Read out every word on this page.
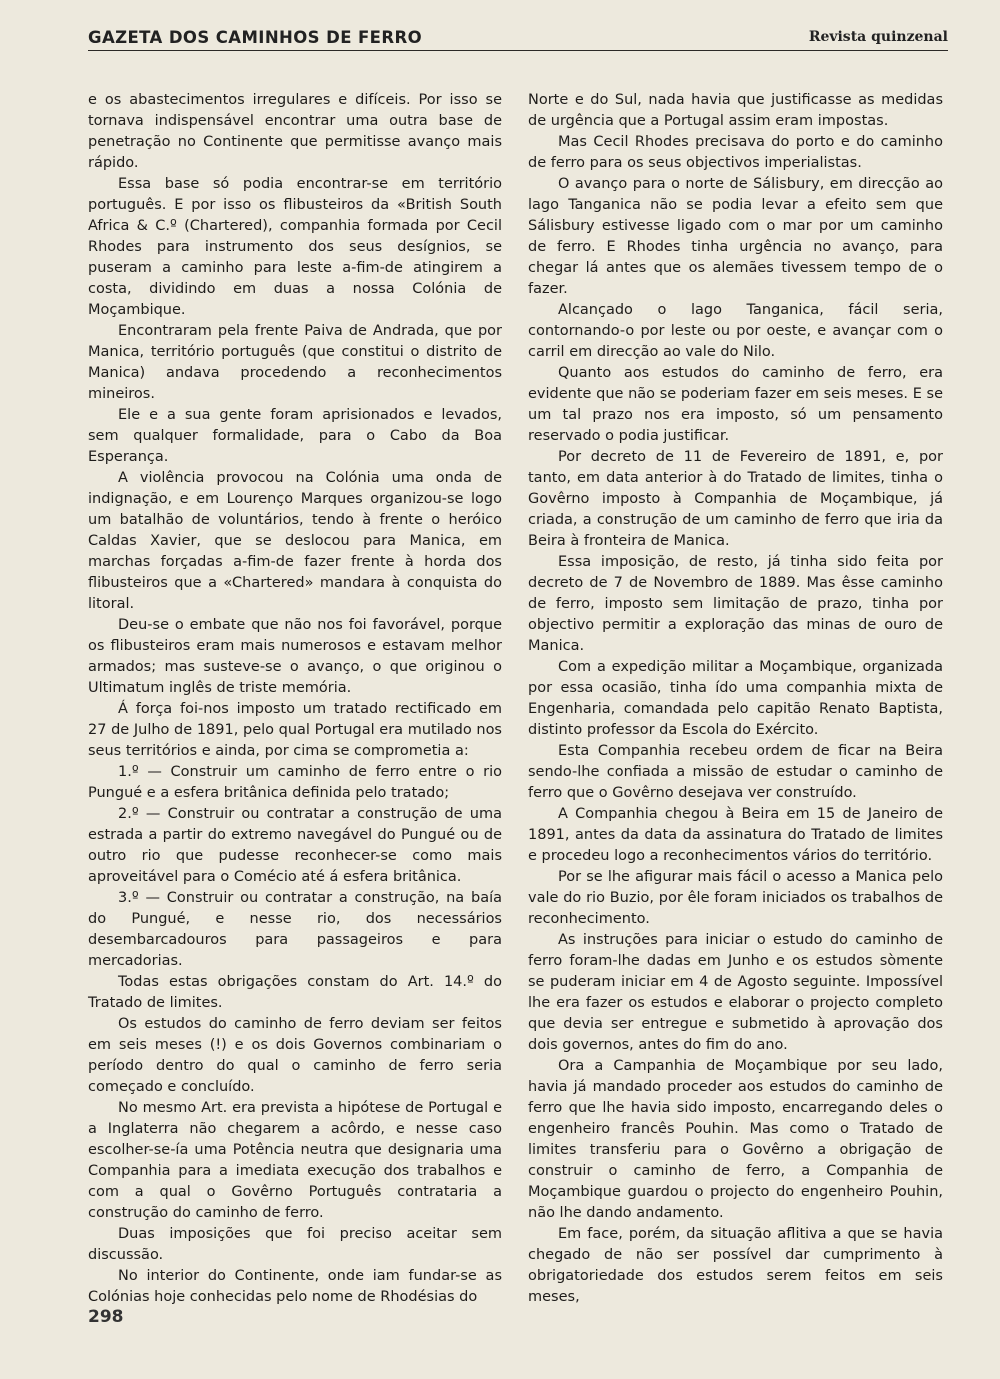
GAZETA DOS CAMINHOS DE FERRO	Revista quinzenal

e os abastecimentos irregulares e difíceis. Por isso se tornava indispensável encontrar uma outra base de penetração no Continente que permitisse avanço mais rápido.

Essa base só podia encontrar-se em território português. E por isso os flibusteiros da «British South Africa & C.º (Chartered), companhia formada por Cecil Rhodes para instrumento dos seus desígnios, se puseram a caminho para leste a-fim-de atingirem a costa, dividindo em duas a nossa Colónia de Moçambique.

Encontraram pela frente Paiva de Andrada, que por Manica, território português (que constitui o distrito de Manica) andava procedendo a reconhecimentos mineiros.

Ele e a sua gente foram aprisionados e levados, sem qualquer formalidade, para o Cabo da Boa Esperança.

A violência provocou na Colónia uma onda de indignação, e em Lourenço Marques organizou-se logo um batalhão de voluntários, tendo à frente o heróico Caldas Xavier, que se deslocou para Manica, em marchas forçadas a-fim-de fazer frente à horda dos flibusteiros que a «Chartered» mandara à conquista do litoral.

Deu-se o embate que não nos foi favorável, porque os flibusteiros eram mais numerosos e estavam melhor armados; mas susteve-se o avanço, o que originou o Ultimatum inglês de triste memória.

Á força foi-nos imposto um tratado rectificado em 27 de Julho de 1891, pelo qual Portugal era mutilado nos seus territórios e ainda, por cima se comprometia a:

1.º — Construir um caminho de ferro entre o rio Pungué e a esfera britânica definida pelo tratado;

2.º — Construir ou contratar a construção de uma estrada a partir do extremo navegável do Pungué ou de outro rio que pudesse reconhecer-se como mais aproveitável para o Comécio até á esfera britânica.

3.º — Construir ou contratar a construção, na baía do Pungué, e nesse rio, dos necessários desembarcadouros para passageiros e para mercadorias.

Todas estas obrigações constam do Art. 14.º do Tratado de limites.

Os estudos do caminho de ferro deviam ser feitos em seis meses (!) e os dois Governos combinariam o período dentro do qual o caminho de ferro seria começado e concluído.

No mesmo Art. era prevista a hipótese de Portugal e a Inglaterra não chegarem a acôrdo, e nesse caso escolher-se-ía uma Potência neutra que designaria uma Companhia para a imediata execução dos trabalhos e com a qual o Govêrno Português contrataria a construção do caminho de ferro.

Duas imposições que foi preciso aceitar sem discussão.

No interior do Continente, onde iam fundar-se as Colónias hoje conhecidas pelo nome de Rhodésias do

Norte e do Sul, nada havia que justificasse as medidas de urgência que a Portugal assim eram impostas.

Mas Cecil Rhodes precisava do porto e do caminho de ferro para os seus objectivos imperialistas.

O avanço para o norte de Sálisbury, em direcção ao lago Tanganica não se podia levar a efeito sem que Sálisbury estivesse ligado com o mar por um caminho de ferro. E Rhodes tinha urgência no avanço, para chegar lá antes que os alemães tivessem tempo de o fazer.

Alcançado o lago Tanganica, fácil seria, contornando-o por leste ou por oeste, e avançar com o carril em direcção ao vale do Nilo.

Quanto aos estudos do caminho de ferro, era evidente que não se poderiam fazer em seis meses. E se um tal prazo nos era imposto, só um pensamento reservado o podia justificar.

Por decreto de 11 de Fevereiro de 1891, e, por tanto, em data anterior à do Tratado de limites, tinha o Govêrno imposto à Companhia de Moçambique, já criada, a construção de um caminho de ferro que iria da Beira à fronteira de Manica.

Essa imposição, de resto, já tinha sido feita por decreto de 7 de Novembro de 1889. Mas êsse caminho de ferro, imposto sem limitação de prazo, tinha por objectivo permitir a exploração das minas de ouro de Manica.

Com a expedição militar a Moçambique, organizada por essa ocasião, tinha ído uma companhia mixta de Engenharia, comandada pelo capitão Renato Baptista, distinto professor da Escola do Exército.

Esta Companhia recebeu ordem de ficar na Beira sendo-lhe confiada a missão de estudar o caminho de ferro que o Govêrno desejava ver construído.

A Companhia chegou à Beira em 15 de Janeiro de 1891, antes da data da assinatura do Tratado de limites e procedeu logo a reconhecimentos vários do território.

Por se lhe afigurar mais fácil o acesso a Manica pelo vale do rio Buzio, por êle foram iniciados os trabalhos de reconhecimento.

As instruções para iniciar o estudo do caminho de ferro foram-lhe dadas em Junho e os estudos sòmente se puderam iniciar em 4 de Agosto seguinte. Impossível lhe era fazer os estudos e elaborar o projecto completo que devia ser entregue e submetido à aprovação dos dois governos, antes do fim do ano.

Ora a Campanhia de Moçambique por seu lado, havia já mandado proceder aos estudos do caminho de ferro que lhe havia sido imposto, encarregando deles o engenheiro francês Pouhin. Mas como o Tratado de limites transferiu para o Govêrno a obrigação de construir o caminho de ferro, a Companhia de Moçambique guardou o projecto do engenheiro Pouhin, não lhe dando andamento.

Em face, porém, da situação aflitiva a que se havia chegado de não ser possível dar cumprimento à obrigatoriedade dos estudos serem feitos em seis meses,

298
